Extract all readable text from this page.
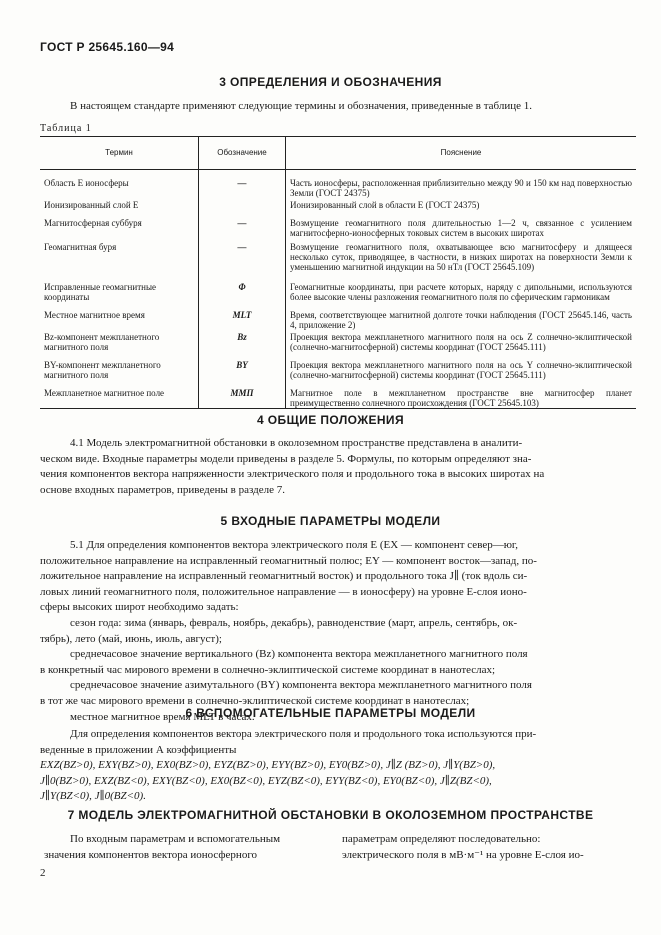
ГОСТ Р 25645.160—94
3 ОПРЕДЕЛЕНИЯ И ОБОЗНАЧЕНИЯ
В настоящем стандарте применяют следующие термины и обозначения, приведенные в таблице 1.
Таблица 1
Термин	Обозначение	Пояснение
Область E ионосферы	—	Часть ионосферы, расположенная приблизительно между 90 и 150 км над поверхностью Земли (ГОСТ 24375)
Ионизированный слой E		Ионизированный слой в области E (ГОСТ 24375)
Магнитосферная суббуря	—	Возмущение геомагнитного поля длительностью 1—2 ч, связанное с усилением магнитосферно-ионосферных токовых систем в высоких широтах
Геомагнитная буря	—	Возмущение геомагнитного поля, охватывающее всю магнитосферу и длящееся несколько суток, приводящее, в частности, в низких широтах на поверхности Земли к уменьшению магнитной индукции на 50 нТл (ГОСТ 25645.109)
Исправленные геомагнитные координаты	Φ	Геомагнитные координаты, при расчете которых, наряду с дипольными, используются более высокие члены разложения геомагнитного поля по сферическим гармоникам
Местное магнитное время	MLT	Время, соответствующее магнитной долготе точки наблюдения (ГОСТ 25645.146, часть 4, приложение 2)
Bz-компонент межпланетного магнитного поля	Bz	Проекция вектора межпланетного магнитного поля на ось Z солнечно-эклиптической (солнечно-магнитосферной) системы координат (ГОСТ 25645.111)
BY-компонент межпланетного магнитного поля	BY	Проекция вектора межпланетного магнитного поля на ось Y солнечно-эклиптической (солнечно-магнитосферной) системы координат (ГОСТ 25645.111)
Межпланетное магнитное поле	ММП	Магнитное поле в межпланетном пространстве вне магнитосфер планет преимущественно солнечного происхождения (ГОСТ 25645.103)
4 ОБЩИЕ ПОЛОЖЕНИЯ
4.1 Модель электромагнитной обстановки в околоземном пространстве представлена в аналити-
ческом виде. Входные параметры модели приведены в разделе 5. Формулы, по которым определяют зна-
чения компонентов вектора напряженности электрического поля и продольного тока в высоких широтах на
основе входных параметров, приведены в разделе 7.
5 ВХОДНЫЕ ПАРАМЕТРЫ МОДЕЛИ
5.1 Для определения компонентов вектора электрического поля E (EX — компонент север—юг,
положительное направление на исправленный геомагнитный полюс; EY — компонент восток—запад, по-
ложительное направление на исправленный геомагнитный восток) и продольного тока J∥ (ток вдоль си-
ловых линий геомагнитного поля, положительное направление — в ионосферу) на уровне E-слоя ионо-
сферы высоких широт необходимо задать:
сезон года: зима (январь, февраль, ноябрь, декабрь), равноденствие (март, апрель, сентябрь, ок-
тябрь), лето (май, июнь, июль, август);
среднечасовое значение вертикального (Bz) компонента вектора межпланетного магнитного поля
в конкретный час мирового времени в солнечно-эклиптической системе координат в нанотеслах;
среднечасовое значение азимутального (BY) компонента вектора межпланетного магнитного поля
в тот же час мирового времени в солнечно-эклиптической системе координат в нанотеслах;
местное магнитное время MLT в часах.
6 ВСПОМОГАТЕЛЬНЫЕ ПАРАМЕТРЫ МОДЕЛИ
Для определения компонентов вектора электрического поля и продольного тока используются при-
веденные в приложении А коэффициенты
EXZ(BZ>0), EXY(BZ>0), EX0(BZ>0), EYZ(BZ>0), EYY(BZ>0), EY0(BZ>0), J∥Z (BZ>0), J∥Y(BZ>0),
J∥0(BZ>0), EXZ(BZ<0), EXY(BZ<0), EX0(BZ<0), EYZ(BZ<0), EYY(BZ<0), EY0(BZ<0), J∥Z(BZ<0),
J∥Y(BZ<0), J∥0(BZ<0).
7 МОДЕЛЬ ЭЛЕКТРОМАГНИТНОЙ ОБСТАНОВКИ В ОКОЛОЗЕМНОМ ПРОСТРАНСТВЕ
По входным параметрам и вспомогательным
значения компонентов вектора ионосферного
параметрам определяют последовательно:
электрического поля в мВ·м⁻¹ на уровне E-слоя ио-
2
